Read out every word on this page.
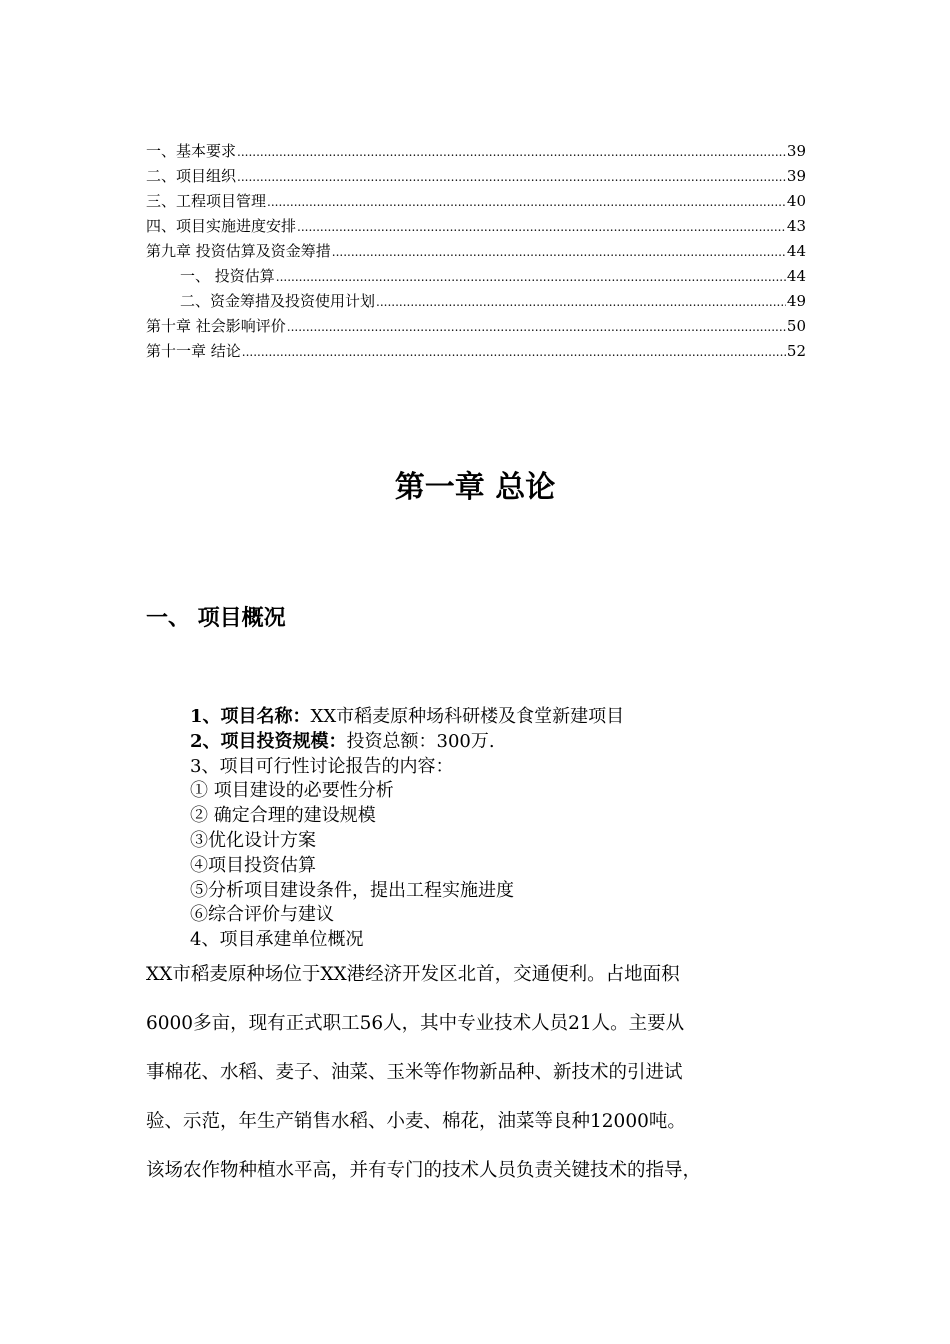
一、基本要求 .....	39
二、项目组织 .....	39
三、工程项目管理 .....	40
四、项目实施进度安排 .....	43
第九章 投资估算及资金筹措 .....	44
一、 投资估算 .....	44
二、资金筹措及投资使用计划 .....	49
第十章 社会影响评价 .....	50
第十一章 结论 .....	52
第一章 总论
一、 项目概况
1、项目名称：XX市稻麦原种场科研楼及食堂新建项目
2、项目投资规模：投资总额：300万.
3、项目可行性讨论报告的内容：
① 项目建设的必要性分析
② 确定合理的建设规模
③优化设计方案
④项目投资估算
⑤分析项目建设条件，提出工程实施进度
⑥综合评价与建议
4、项目承建单位概况
XX市稻麦原种场位于XX港经济开发区北首，交通便利。占地面积
6000多亩，现有正式职工56人，其中专业技术人员21人。主要从
事棉花、水稻、麦子、油菜、玉米等作物新品种、新技术的引进试
验、示范，年生产销售水稻、小麦、棉花，油菜等良种12000吨。
该场农作物种植水平高，并有专门的技术人员负责关键技术的指导，
